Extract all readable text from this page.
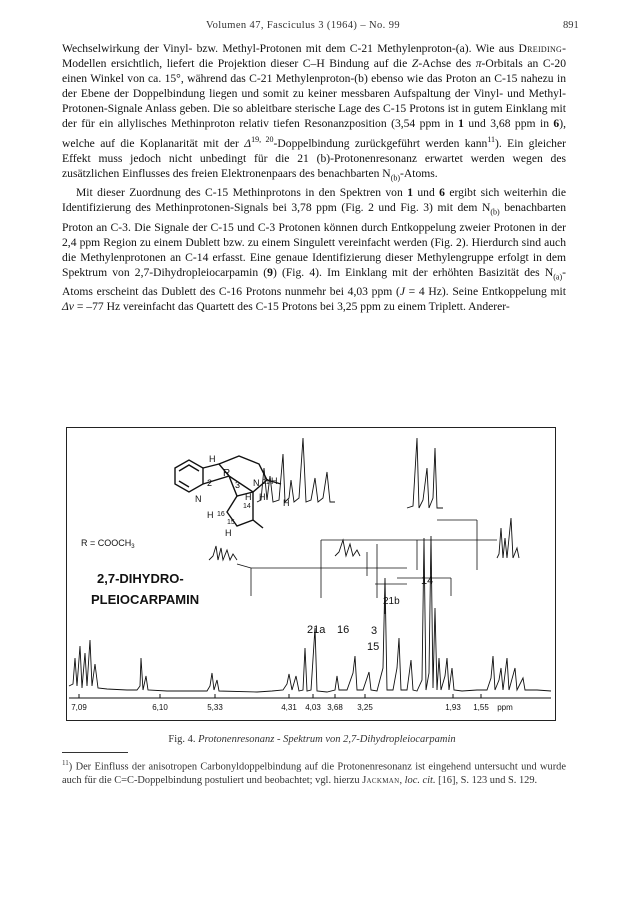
Volumen 47, Fasciculus 3 (1964) – No. 99	891

Wechselwirkung der Vinyl- bzw. Methyl-Protonen mit dem C-21 Methylenproton-(a). Wie aus Dreiding-Modellen ersichtlich, liefert die Projektion dieser C–H Bindung auf die Z-Achse des π-Orbitals an C-20 einen Winkel von ca. 15°, während das C-21 Methylenproton-(b) ebenso wie das Proton an C-15 nahezu in der Ebene der Doppelbindung liegen und somit zu keiner messbaren Aufspaltung der Vinyl- und Methyl-Protonen-Signale Anlass geben. Die so ableitbare sterische Lage des C-15 Protons ist in gutem Einklang mit der für ein allylisches Methinproton relativ tiefen Resonanzposition (3,54 ppm in 1 und 3,68 ppm in 6), welche auf die Koplanarität mit der Δ$^{19, 20}$-Doppelbindung zurückgeführt werden kann$^{11}$). Ein gleicher Effekt muss jedoch nicht unbedingt für die 21 (b)-Protonenresonanz erwartet werden wegen des zusätzlichen Einflusses des freien Elektronenpaars des benachbarten $N_{(b)}$-Atoms.

Mit dieser Zuordnung des C-15 Methinprotons in den Spektren von 1 und 6 ergibt sich weiterhin die Identifizierung des Methinprotonen-Signals bei 3,78 ppm (Fig. 2 und Fig. 3) mit dem $N_{(b)}$ benachbarten Proton an C-3. Die Signale der C-15 und C-3 Protonen können durch Entkoppelung zweier Protonen in der 2,4 ppm Region zu einem Dublett bzw. zu einem Singulett vereinfacht werden (Fig. 2). Hierdurch sind auch die Methylenprotonen an C-14 erfasst. Eine genaue Identifizierung dieser Methylengruppe erfolgt in dem Spektrum von 2,7-Dihydropleiocarpamin (9) (Fig. 4). Im Einklang mit der erhöhten Basizität des $N_{(a)}$-Atoms erscheint das Dublett des C-16 Protons nunmehr bei 4,03 ppm (J = 4 Hz). Seine Entkoppelung mit Δν = –77 Hz vereinfacht das Quartett des C-15 Protons bei 3,25 ppm zu einem Triplett. Anderer-

H
R
2	3 N 21 H
N	H
14
H
H
H 16
15
H
$R = COOCH_3$
2,7-DIHYDRO-
PLEIOCARPAMIN
21a 16 3
15
21b
14
7,09	6,10	5,33	4,31 4,03 3,68 3,25	1,93 1,55 ppm
Fig. 4. Protonenresonanz - Spektrum von 2,7-Dihydropleiocarpamin
$^{11}$) Der Einfluss der anisotropen Carbonyldoppelbindung auf die Protonenresonanz ist eingehend untersucht und wurde auch für die C=C-Doppelbindung postuliert und beobachtet; vgl. hierzu Jackman, loc. cit. [16], S. 123 und S. 129.
